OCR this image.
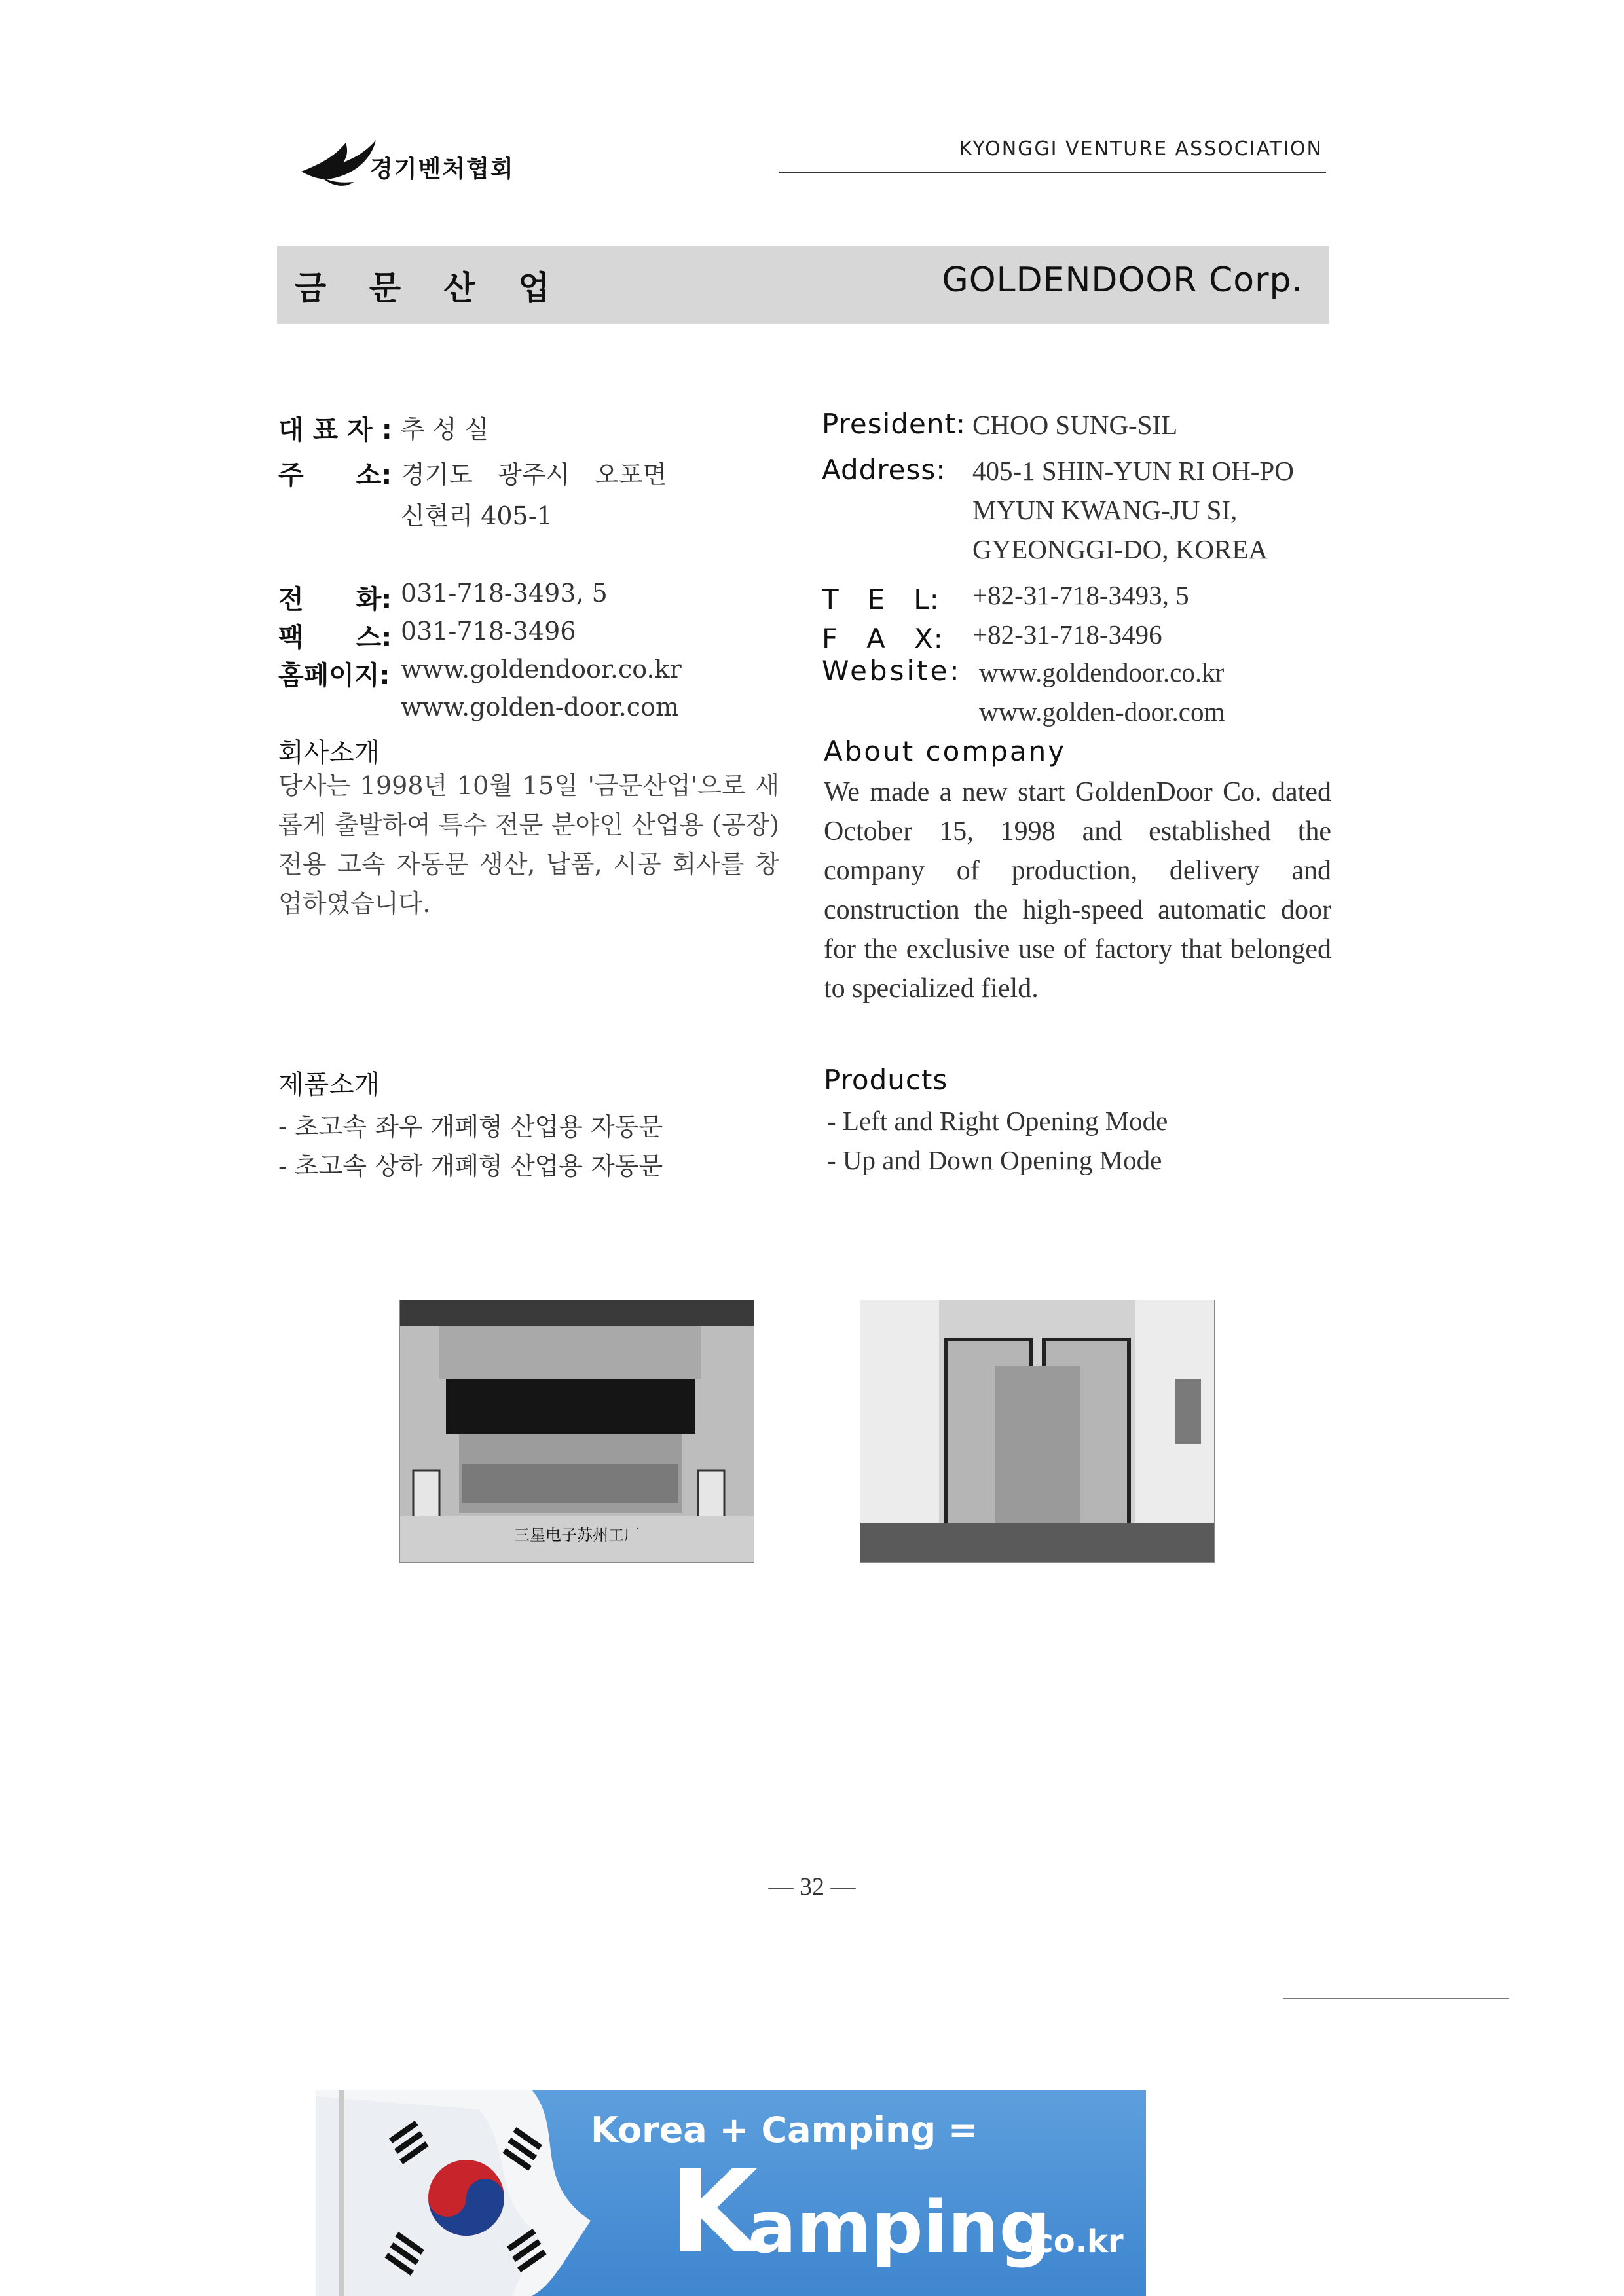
경기벤처협회
KYONGGI VENTURE ASSOCIATION
금 문 산 업	GOLDENDOOR Corp.
대 표 자 : 추 성 실
주　　소: 경기도　광주시　오포면
신현리 405-1
전　　화: 031-718-3493, 5
팩　　스: 031-718-3496
홈페이지: www.goldendoor.co.kr
www.golden-door.com
회사소개
당사는 1998년 10월 15일 '금문산업'으로 새롭게 출발하여 특수 전문 분야인 산업용 (공장) 전용 고속 자동문 생산, 납품, 시공 회사를 창업하였습니다.
제품소개
- 초고속 좌우 개폐형 산업용 자동문
- 초고속 상하 개폐형 산업용 자동문
President: CHOO SUNG-SIL
Address: 405-1 SHIN-YUN RI OH-PO
MYUN KWANG-JU SI,
GYEONGGI-DO, KOREA
T　E　L: +82-31-718-3493, 5
F　A　X: +82-31-718-3496
Website: www.goldendoor.co.kr
www.golden-door.com
About company
We made a new start GoldenDoor Co. dated October 15, 1998 and established the company of production, delivery and construction the high-speed automatic door for the exclusive use of factory that belonged to specialized field.
Products
- Left and Right Opening Mode
- Up and Down Opening Mode
三星电子苏州工厂
— 32 —
Korea + Camping =
K
amping
.co.kr
